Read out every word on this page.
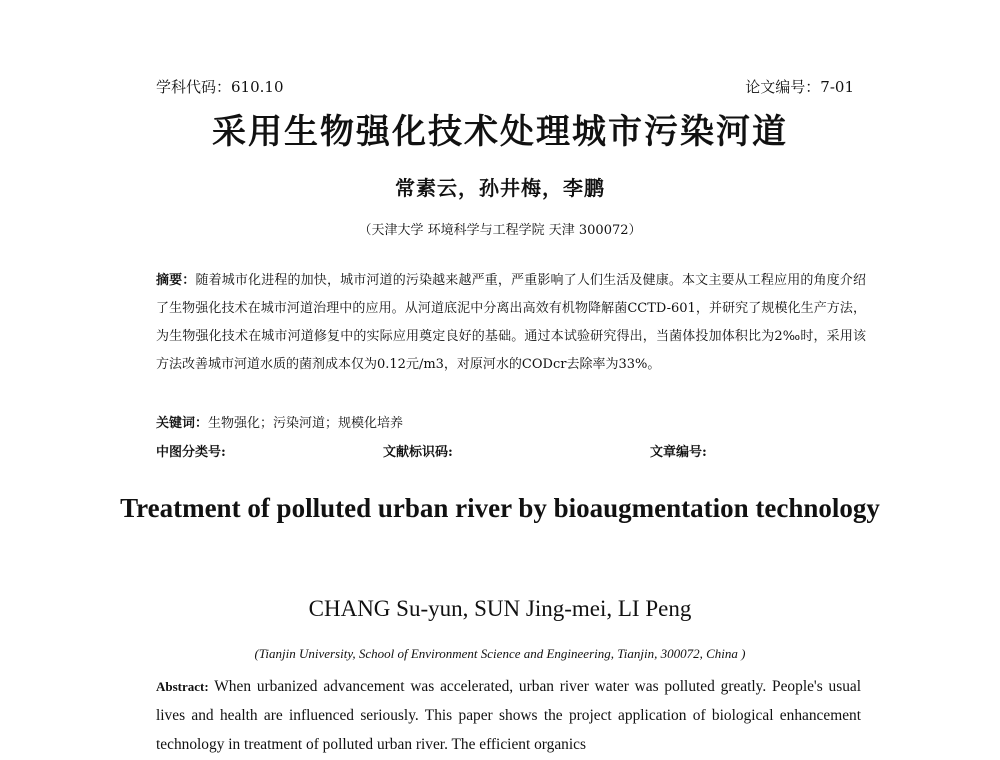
学科代码：610.10	论文编号：7-01
采用生物强化技术处理城市污染河道
常素云，孙井梅，李鹏
（天津大学 环境科学与工程学院 天津 300072）
摘要：随着城市化进程的加快，城市河道的污染越来越严重，严重影响了人们生活及健康。本文主要从工程应用的角度介绍了生物强化技术在城市河道治理中的应用。从河道底泥中分离出高效有机物降解菌CCTD-601，并研究了规模化生产方法，为生物强化技术在城市河道修复中的实际应用奠定良好的基础。通过本试验研究得出，当菌体投加体积比为2‰时，采用该方法改善城市河道水质的菌剂成本仅为0.12元/m3，对原河水的CODcr去除率为33%。
关键词：生物强化；污染河道；规模化培养
中图分类号:	文献标识码:	文章编号:
Treatment of polluted urban river by bioaugmentation technology
CHANG Su-yun, SUN Jing-mei, LI Peng
(Tianjin University, School of Environment Science and Engineering, Tianjin, 300072, China )
Abstract: When urbanized advancement was accelerated, urban river water was polluted greatly. People's usual lives and health are influenced seriously. This paper shows the project application of biological enhancement technology in treatment of polluted urban river. The efficient organics
